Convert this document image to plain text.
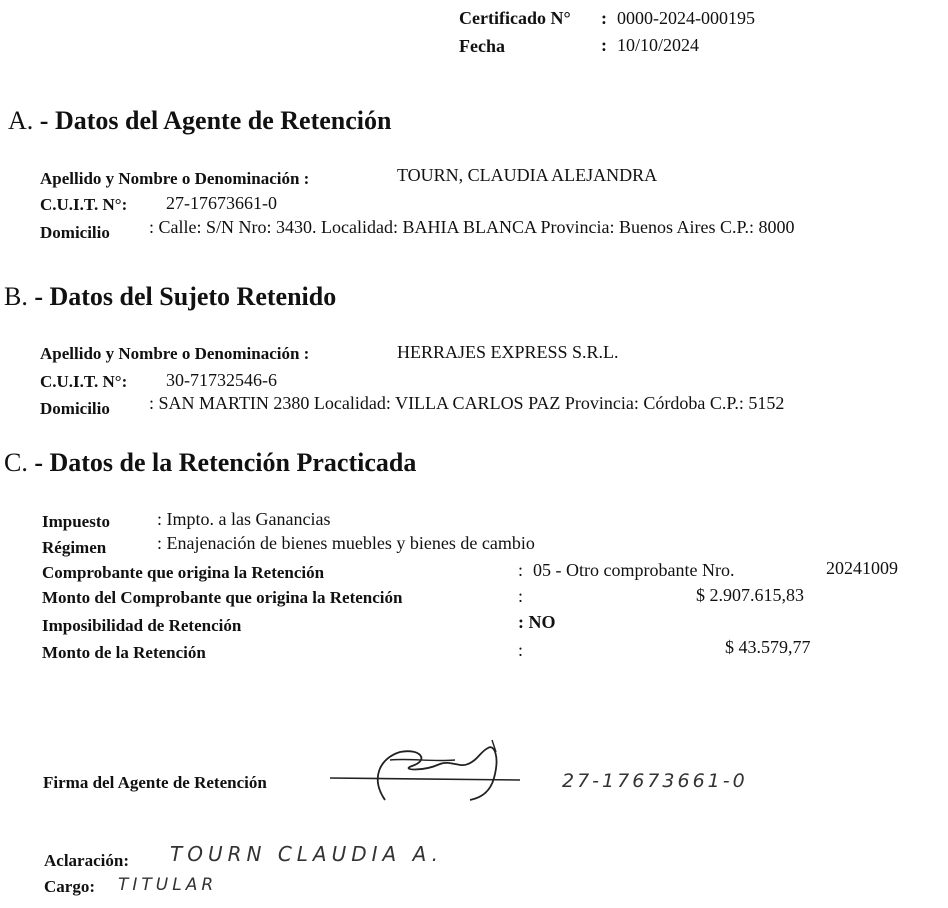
Certificado N° : 0000-2024-000195
Fecha	: 10/10/2024
A. - Datos del Agente de Retención
Apellido y Nombre o Denominación :	TOURN, CLAUDIA ALEJANDRA
C.U.I.T. N°: 27-17673661-0
Domicilio : Calle: S/N Nro: 3430. Localidad: BAHIA BLANCA Provincia: Buenos Aires C.P.: 8000
B. - Datos del Sujeto Retenido
Apellido y Nombre o Denominación :	HERRAJES EXPRESS S.R.L.
C.U.I.T. N°: 30-71732546-6
Domicilio : SAN MARTIN 2380 Localidad: VILLA CARLOS PAZ Provincia: Córdoba C.P.: 5152
C. - Datos de la Retención Practicada
Impuesto	: Impto. a las Ganancias
Régimen	: Enajenación de bienes muebles y bienes de cambio
Comprobante que origina la Retención	: 05 - Otro comprobante Nro.	20241009
Monto del Comprobante que origina la Retención	:	$ 2.907.615,83
Imposibilidad de Retención	: NO
Monto de la Retención	:	$ 43.579,77
Firma del Agente de Retención	27-17673661-0
Aclaración: TOURN CLAUDIA A.
Cargo: TITULAR
